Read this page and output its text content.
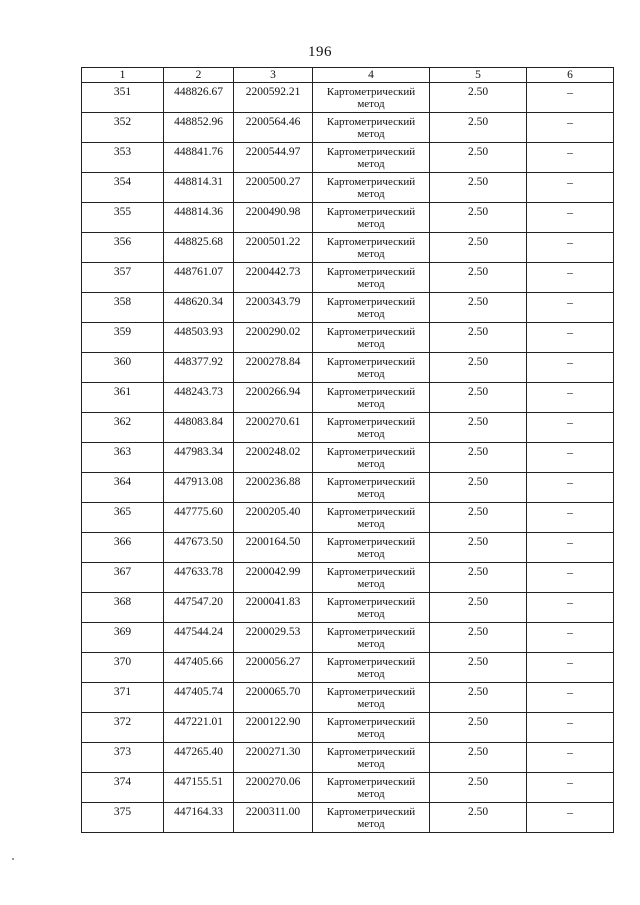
196
1	2	3	4	5	6
351	448826.67	2200592.21	Картометрический метод	2.50	–
352	448852.96	2200564.46	Картометрический метод	2.50	–
353	448841.76	2200544.97	Картометрический метод	2.50	–
354	448814.31	2200500.27	Картометрический метод	2.50	–
355	448814.36	2200490.98	Картометрический метод	2.50	–
356	448825.68	2200501.22	Картометрический метод	2.50	–
357	448761.07	2200442.73	Картометрический метод	2.50	–
358	448620.34	2200343.79	Картометрический метод	2.50	–
359	448503.93	2200290.02	Картометрический метод	2.50	–
360	448377.92	2200278.84	Картометрический метод	2.50	–
361	448243.73	2200266.94	Картометрический метод	2.50	–
362	448083.84	2200270.61	Картометрический метод	2.50	–
363	447983.34	2200248.02	Картометрический метод	2.50	–
364	447913.08	2200236.88	Картометрический метод	2.50	–
365	447775.60	2200205.40	Картометрический метод	2.50	–
366	447673.50	2200164.50	Картометрический метод	2.50	–
367	447633.78	2200042.99	Картометрический метод	2.50	–
368	447547.20	2200041.83	Картометрический метод	2.50	–
369	447544.24	2200029.53	Картометрический метод	2.50	–
370	447405.66	2200056.27	Картометрический метод	2.50	–
371	447405.74	2200065.70	Картометрический метод	2.50	–
372	447221.01	2200122.90	Картометрический метод	2.50	–
373	447265.40	2200271.30	Картометрический метод	2.50	–
374	447155.51	2200270.06	Картометрический метод	2.50	–
375	447164.33	2200311.00	Картометрический метод	2.50	–
